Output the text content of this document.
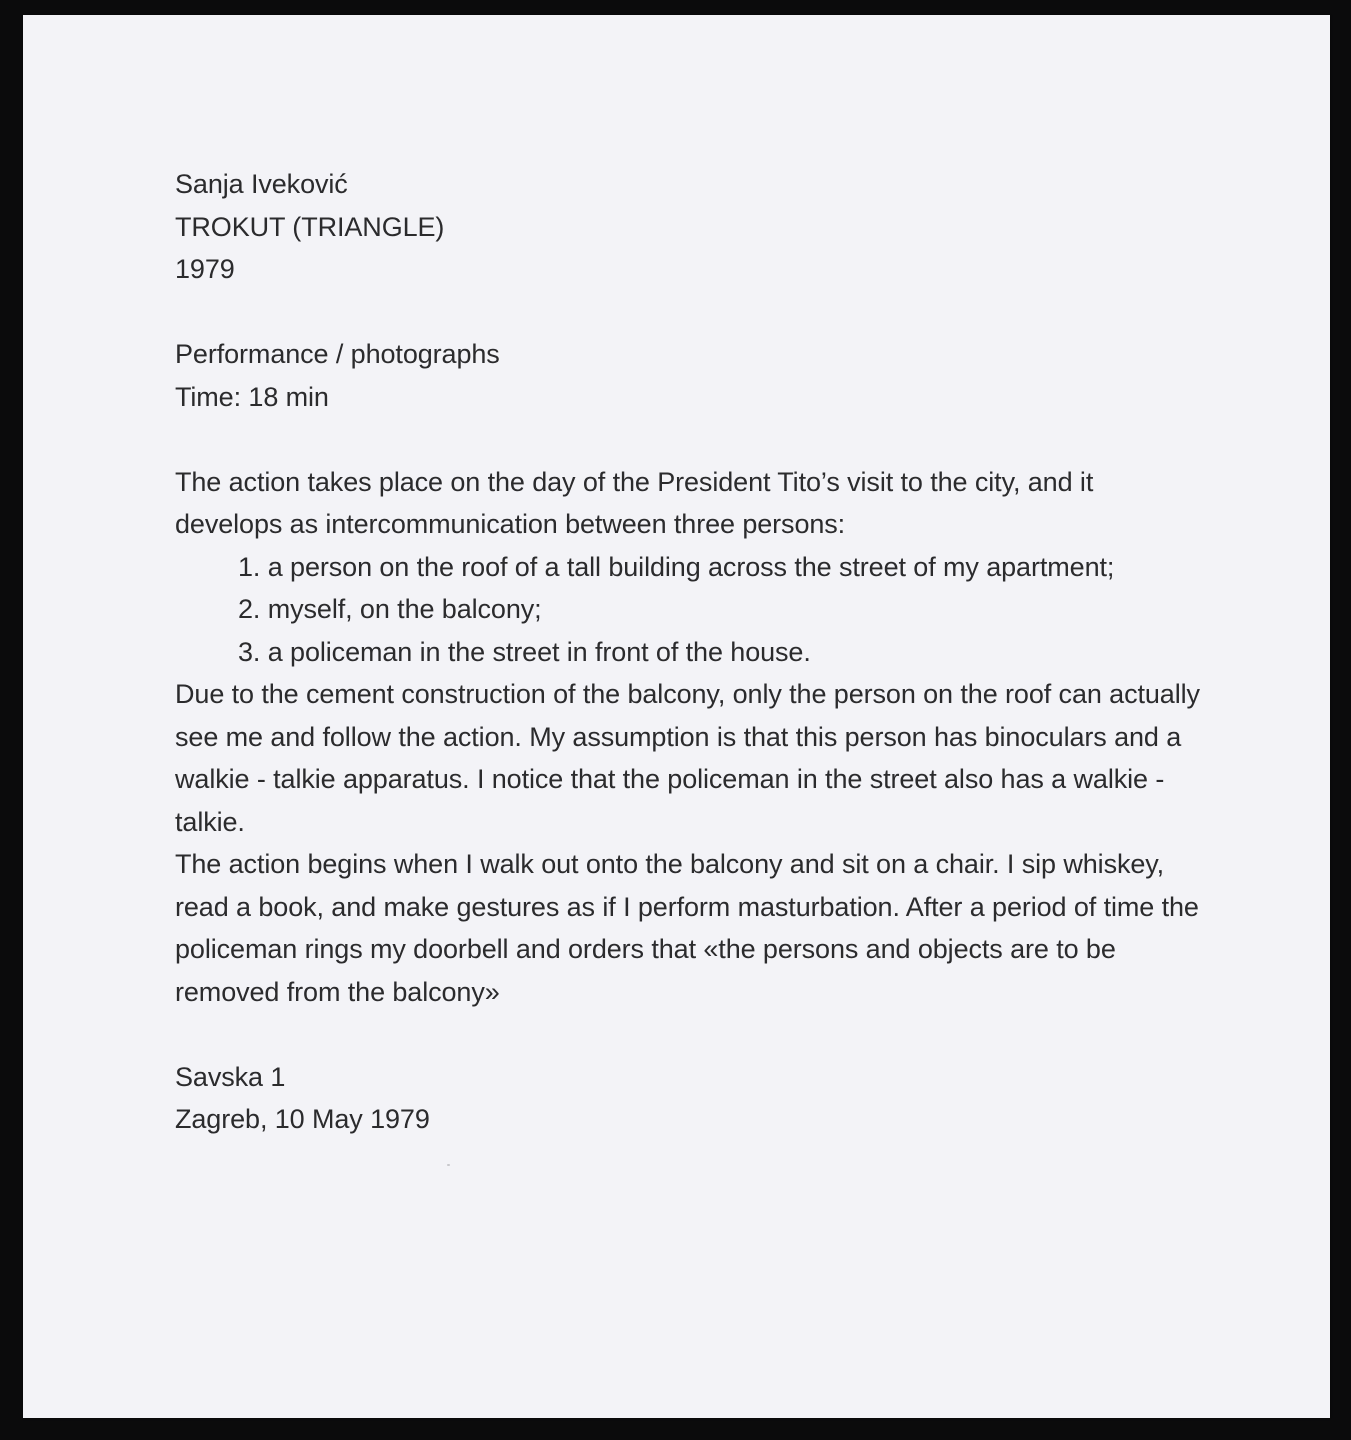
Sanja Iveković
TROKUT (TRIANGLE)
1979
Performance / photographs
Time: 18 min
The action takes place on the day of the President Tito’s visit to the city, and it develops as intercommunication between three persons:
1. a person on the roof of a tall building across the street of my apartment;
2. myself, on the balcony;
3. a policeman in the street in front of the house.
Due to the cement construction of the balcony, only the person on the roof can actually see me and follow the action. My assumption is that this person has binoculars and a walkie - talkie apparatus. I notice that the policeman in the street also has a walkie - talkie.
The action begins when I walk out onto the balcony and sit on a chair. I sip whiskey, read a book, and make gestures as if I perform masturbation. After a period of time the policeman rings my doorbell and orders that «the persons and objects are to be removed from the balcony»
Savska 1
Zagreb, 10 May 1979
